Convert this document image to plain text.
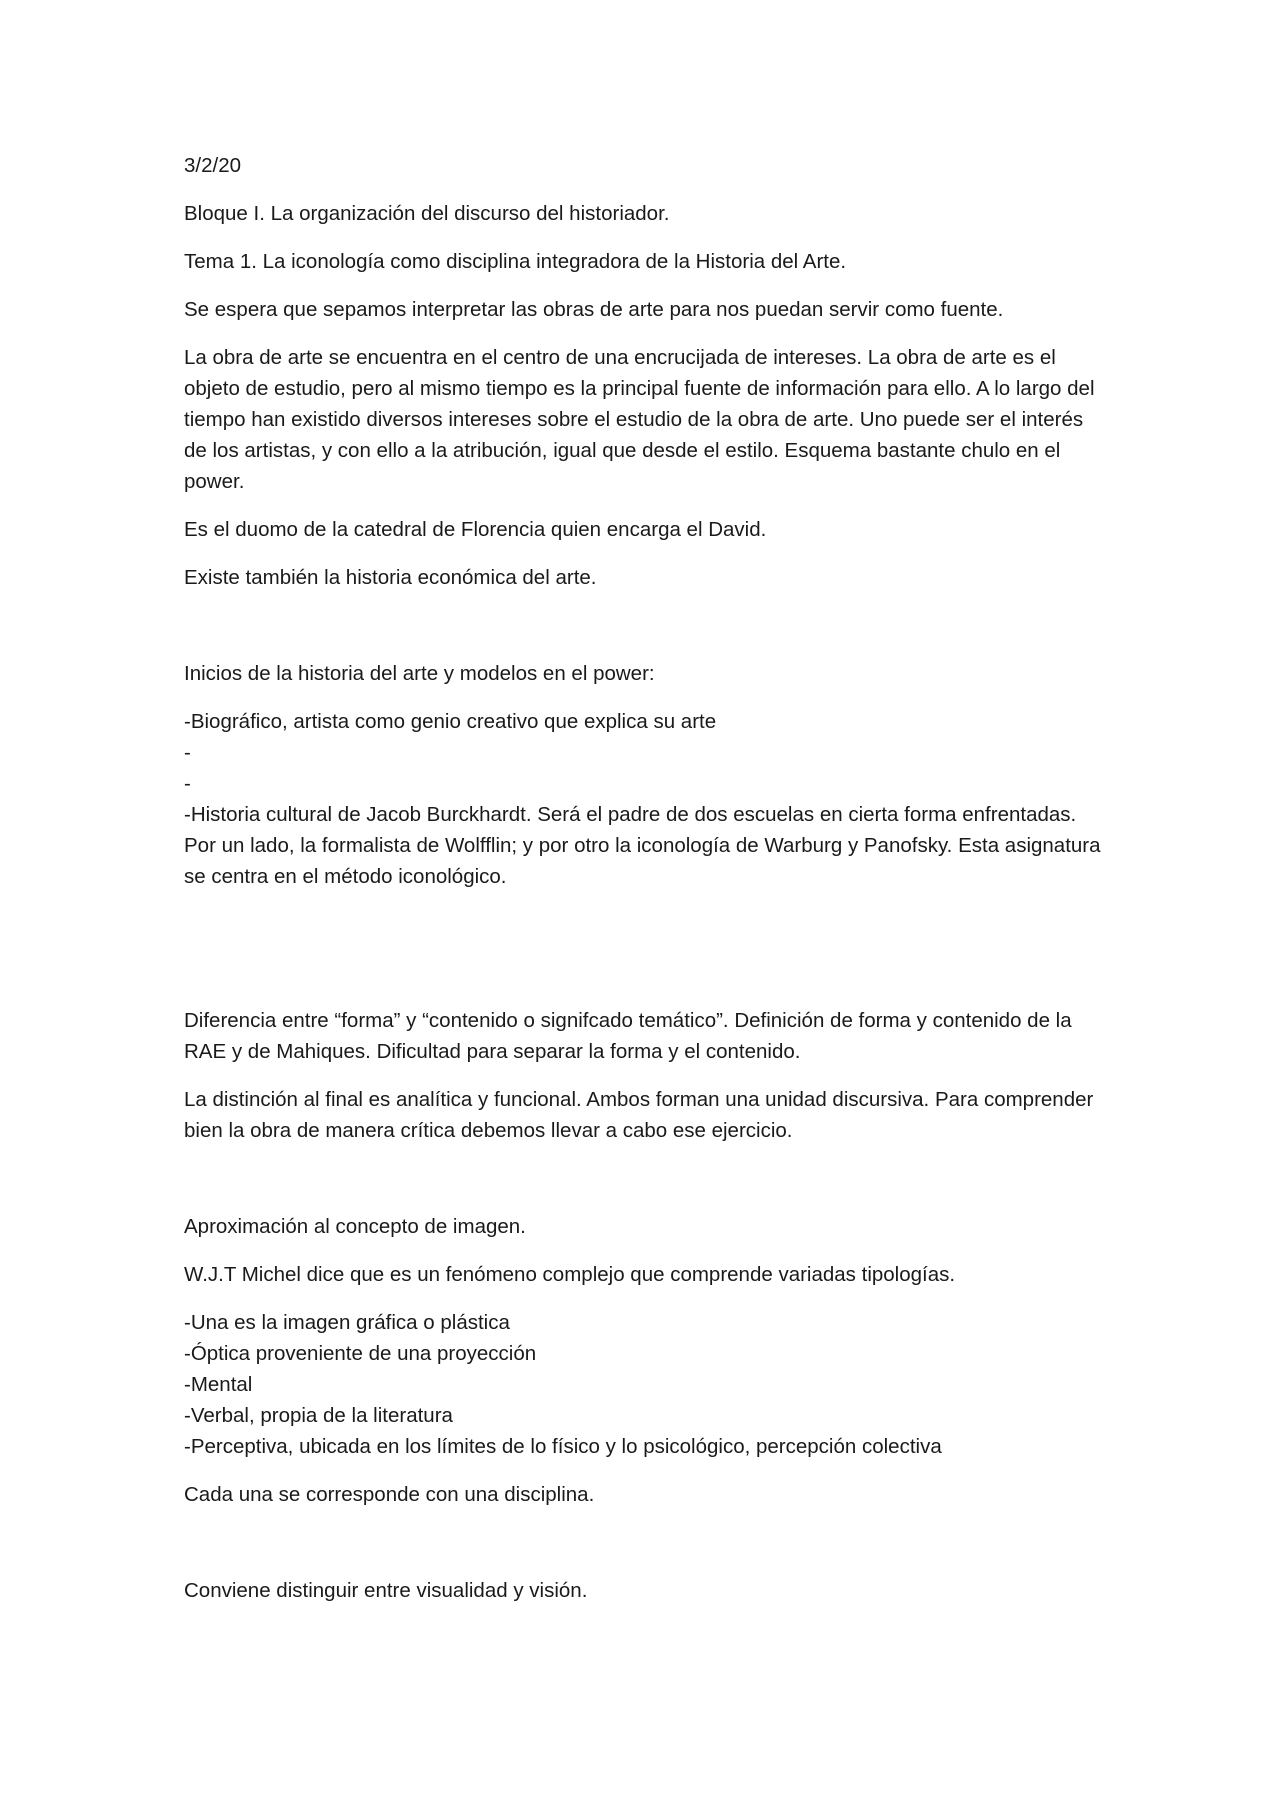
3/2/20

Bloque I. La organización del discurso del historiador.

Tema 1. La iconología como disciplina integradora de la Historia del Arte.

Se espera que sepamos interpretar las obras de arte para nos puedan servir como fuente.

La obra de arte se encuentra en el centro de una encrucijada de intereses. La obra de arte es el objeto de estudio, pero al mismo tiempo es la principal fuente de información para ello. A lo largo del tiempo han existido diversos intereses sobre el estudio de la obra de arte. Uno puede ser el interés de los artistas, y con ello a la atribución, igual que desde el estilo. Esquema bastante chulo en el power.

Es el duomo de la catedral de Florencia quien encarga el David.

Existe también la historia económica del arte.

Inicios de la historia del arte y modelos en el power:

-Biográfico, artista como genio creativo que explica su arte
-
-
-Historia cultural de Jacob Burckhardt. Será el padre de dos escuelas en cierta forma enfrentadas. Por un lado, la formalista de Wolfflin; y por otro la iconología de Warburg y Panofsky. Esta asignatura se centra en el método iconológico.

Diferencia entre “forma” y “contenido o signifcado temático”. Definición de forma y contenido de la RAE y de Mahiques. Dificultad para separar la forma y el contenido.

La distinción al final es analítica y funcional. Ambos forman una unidad discursiva. Para comprender bien la obra de manera crítica debemos llevar a cabo ese ejercicio.

Aproximación al concepto de imagen.

W.J.T Michel dice que es un fenómeno complejo que comprende variadas tipologías.

-Una es la imagen gráfica o plástica
-Óptica proveniente de una proyección
-Mental
-Verbal, propia de la literatura
-Perceptiva, ubicada en los límites de lo físico y lo psicológico, percepción colectiva

Cada una se corresponde con una disciplina.

Conviene distinguir entre visualidad y visión.
